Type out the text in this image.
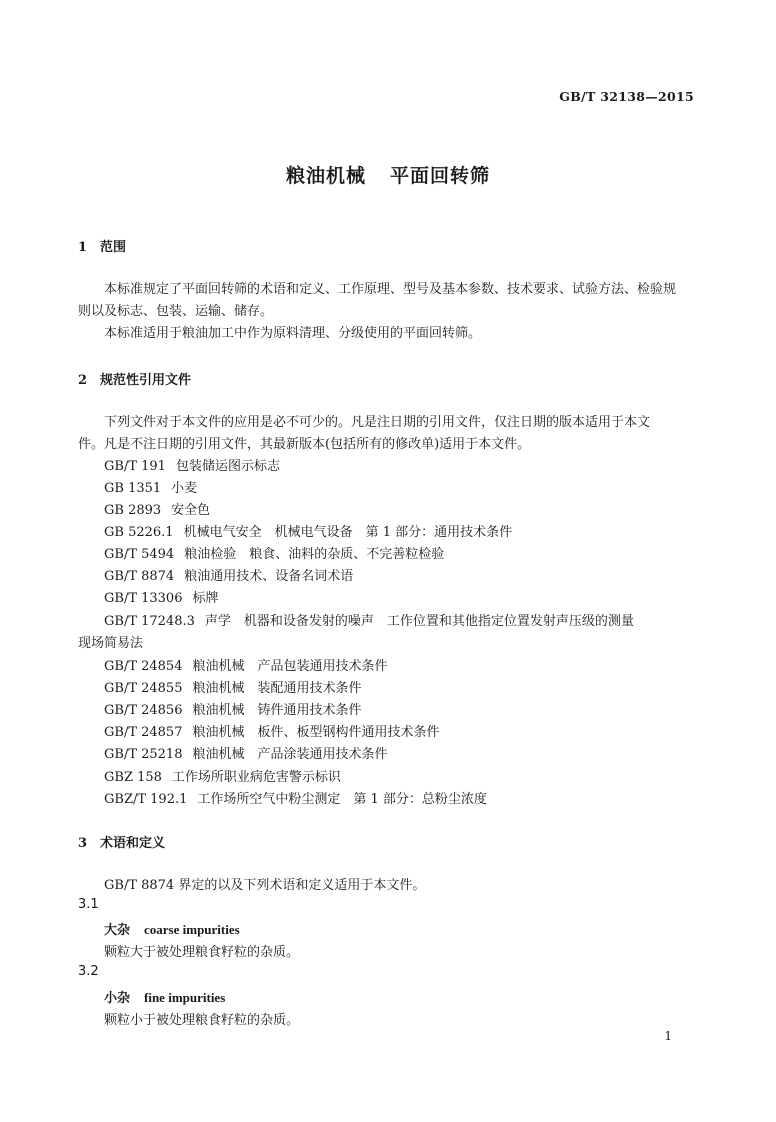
GB/T 32138—2015
粮油机械 平面回转筛
1 范围
本标准规定了平面回转筛的术语和定义、工作原理、型号及基本参数、技术要求、试验方法、检验规
则以及标志、包装、运输、储存。
本标准适用于粮油加工中作为原料清理、分级使用的平面回转筛。
2 规范性引用文件
下列文件对于本文件的应用是必不可少的。凡是注日期的引用文件，仅注日期的版本适用于本文
件。凡是不注日期的引用文件，其最新版本(包括所有的修改单)适用于本文件。
GB/T 191 包装储运图示标志
GB 1351 小麦
GB 2893 安全色
GB 5226.1 机械电气安全　机械电气设备　第 1 部分：通用技术条件
GB/T 5494 粮油检验　粮食、油料的杂质、不完善粒检验
GB/T 8874 粮油通用技术、设备名词术语
GB/T 13306 标牌
GB/T 17248.3 声学　机器和设备发射的噪声　工作位置和其他指定位置发射声压级的测量
现场简易法
GB/T 24854 粮油机械　产品包装通用技术条件
GB/T 24855 粮油机械　装配通用技术条件
GB/T 24856 粮油机械　铸件通用技术条件
GB/T 24857 粮油机械　板件、板型钢构件通用技术条件
GB/T 25218 粮油机械　产品涂装通用技术条件
GBZ 158 工作场所职业病危害警示标识
GBZ/T 192.1 工作场所空气中粉尘测定　第 1 部分：总粉尘浓度
3 术语和定义
GB/T 8874 界定的以及下列术语和定义适用于本文件。
3.1
大杂 coarse impurities
颗粒大于被处理粮食籽粒的杂质。
3.2
小杂 fine impurities
颗粒小于被处理粮食籽粒的杂质。
1
